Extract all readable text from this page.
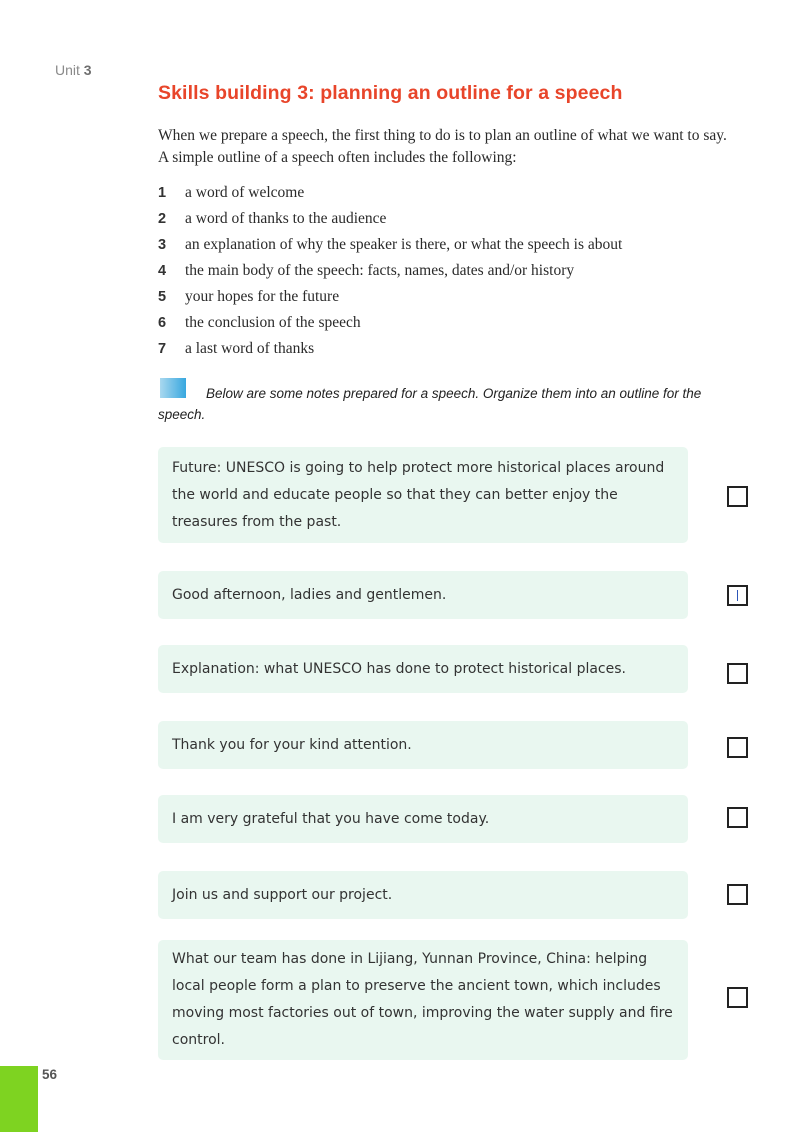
Unit 3
Skills building 3: planning an outline for a speech
When we prepare a speech, the first thing to do is to plan an outline of what we want to say. A simple outline of a speech often includes the following:
1	a word of welcome
2	a word of thanks to the audience
3	an explanation of why the speaker is there, or what the speech is about
4	the main body of the speech: facts, names, dates and/or history
5	your hopes for the future
6	the conclusion of the speech
7	a last word of thanks
Below are some notes prepared for a speech. Organize them into an outline for the speech.
Future: UNESCO is going to help protect more historical places around the world and educate people so that they can better enjoy the treasures from the past.
Good afternoon, ladies and gentlemen.
Explanation: what UNESCO has done to protect historical places.
Thank you for your kind attention.
I am very grateful that you have come today.
Join us and support our project.
What our team has done in Lijiang, Yunnan Province, China: helping local people form a plan to preserve the ancient town, which includes moving most factories out of town, improving the water supply and fire control.
56
